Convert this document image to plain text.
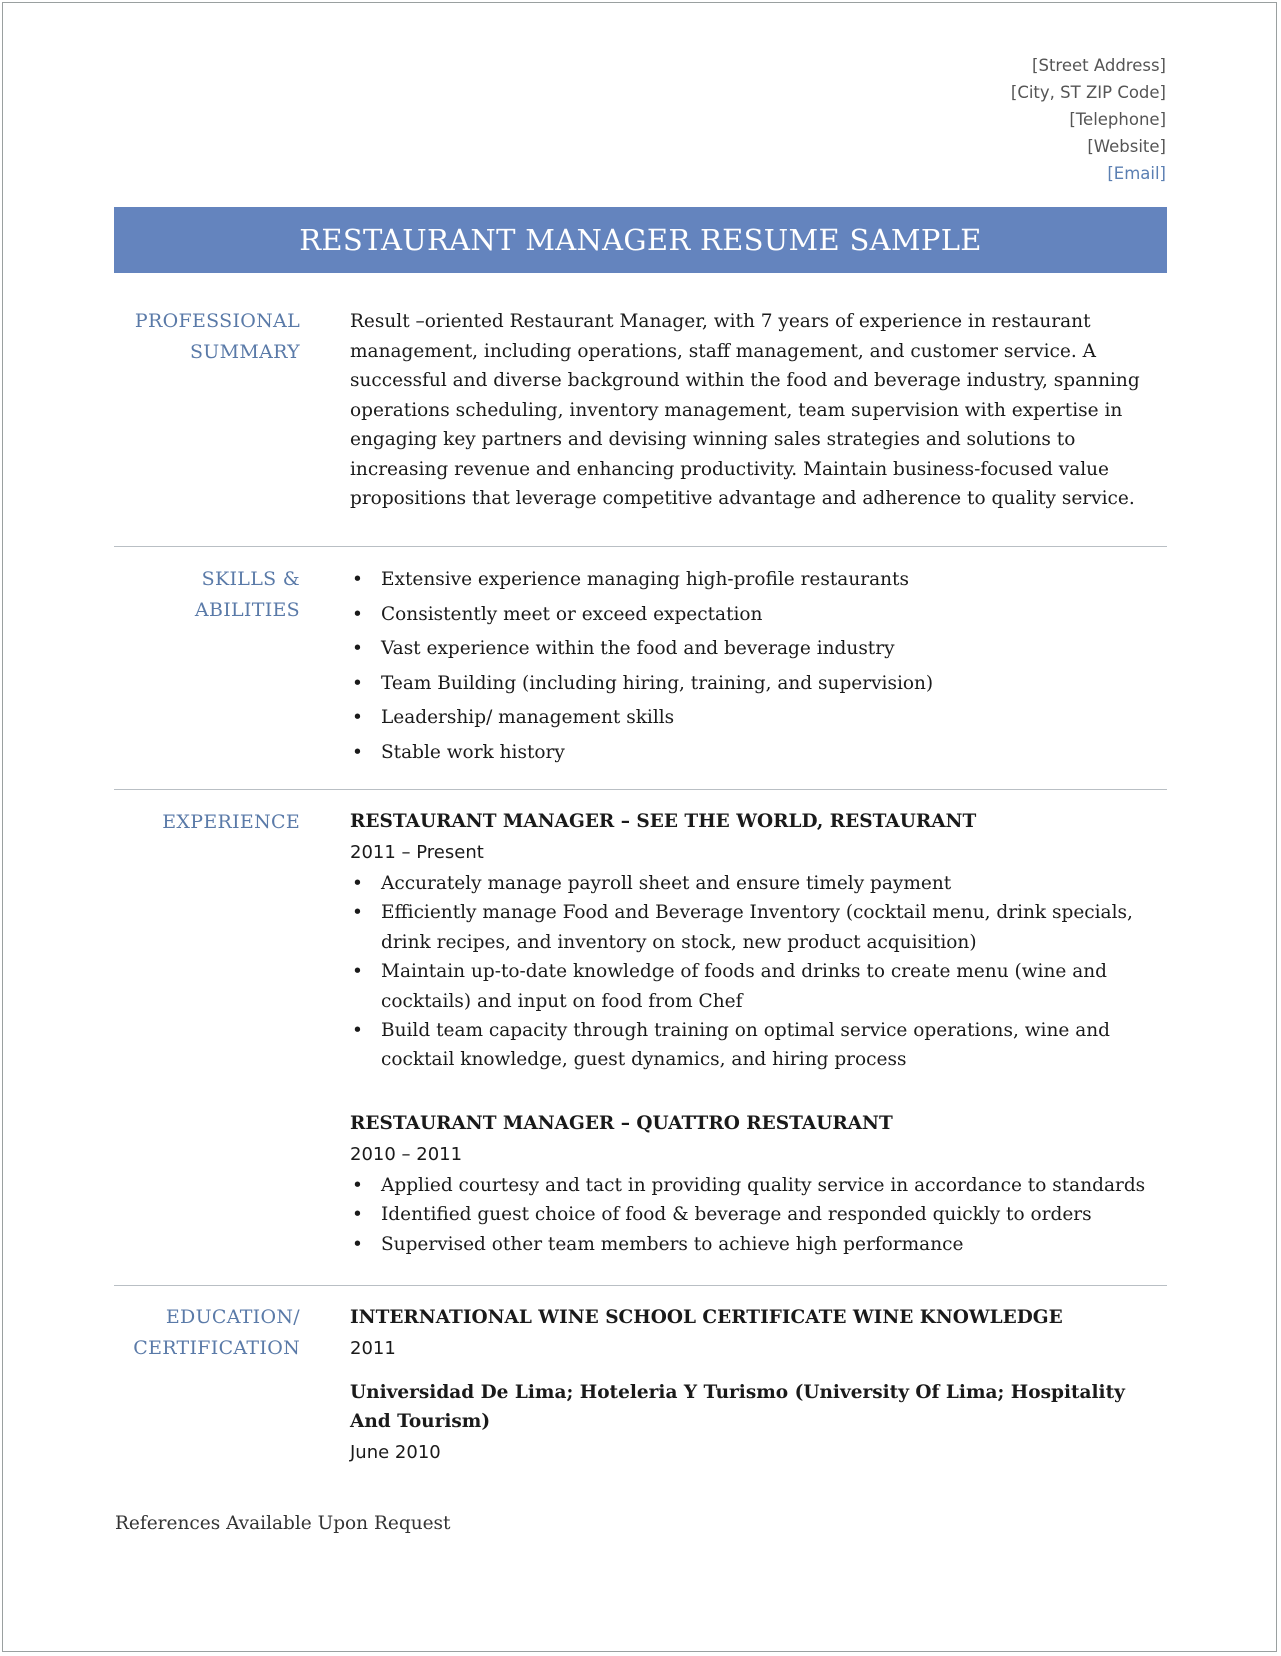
[Street Address]
[City, ST ZIP Code]
[Telephone]
[Website]
[Email]
RESTAURANT MANAGER RESUME SAMPLE
PROFESSIONAL
SUMMARY

Result –oriented Restaurant Manager, with 7 years of experience in restaurant management, including operations, staff management, and customer service. A successful and diverse background within the food and beverage industry, spanning operations scheduling, inventory management, team supervision with expertise in engaging key partners and devising winning sales strategies and solutions to increasing revenue and enhancing productivity. Maintain business-focused value propositions that leverage competitive advantage and adherence to quality service.

SKILLS &
ABILITIES
• Extensive experience managing high-profile restaurants
• Consistently meet or exceed expectation
• Vast experience within the food and beverage industry
• Team Building (including hiring, training, and supervision)
• Leadership/ management skills
• Stable work history
EXPERIENCE	RESTAURANT MANAGER – SEE THE WORLD, RESTAURANT

2011 – Present

• Accurately manage payroll sheet and ensure timely payment
• Efficiently manage Food and Beverage Inventory (cocktail menu, drink specials, drink recipes, and inventory on stock, new product acquisition)
• Maintain up-to-date knowledge of foods and drinks to create menu (wine and cocktails) and input on food from Chef
• Build team capacity through training on optimal service operations, wine and cocktail knowledge, guest dynamics, and hiring process

RESTAURANT MANAGER – QUATTRO RESTAURANT

2010 – 2011

• Applied courtesy and tact in providing quality service in accordance to standards
• Identified guest choice of food & beverage and responded quickly to orders
• Supervised other team members to achieve high performance
EDUCATION/
CERTIFICATION

INTERNATIONAL WINE SCHOOL CERTIFICATE WINE KNOWLEDGE

2011

Universidad De Lima; Hoteleria Y Turismo (University Of Lima; Hospitality And Tourism)

June 2010

References Available Upon Request
